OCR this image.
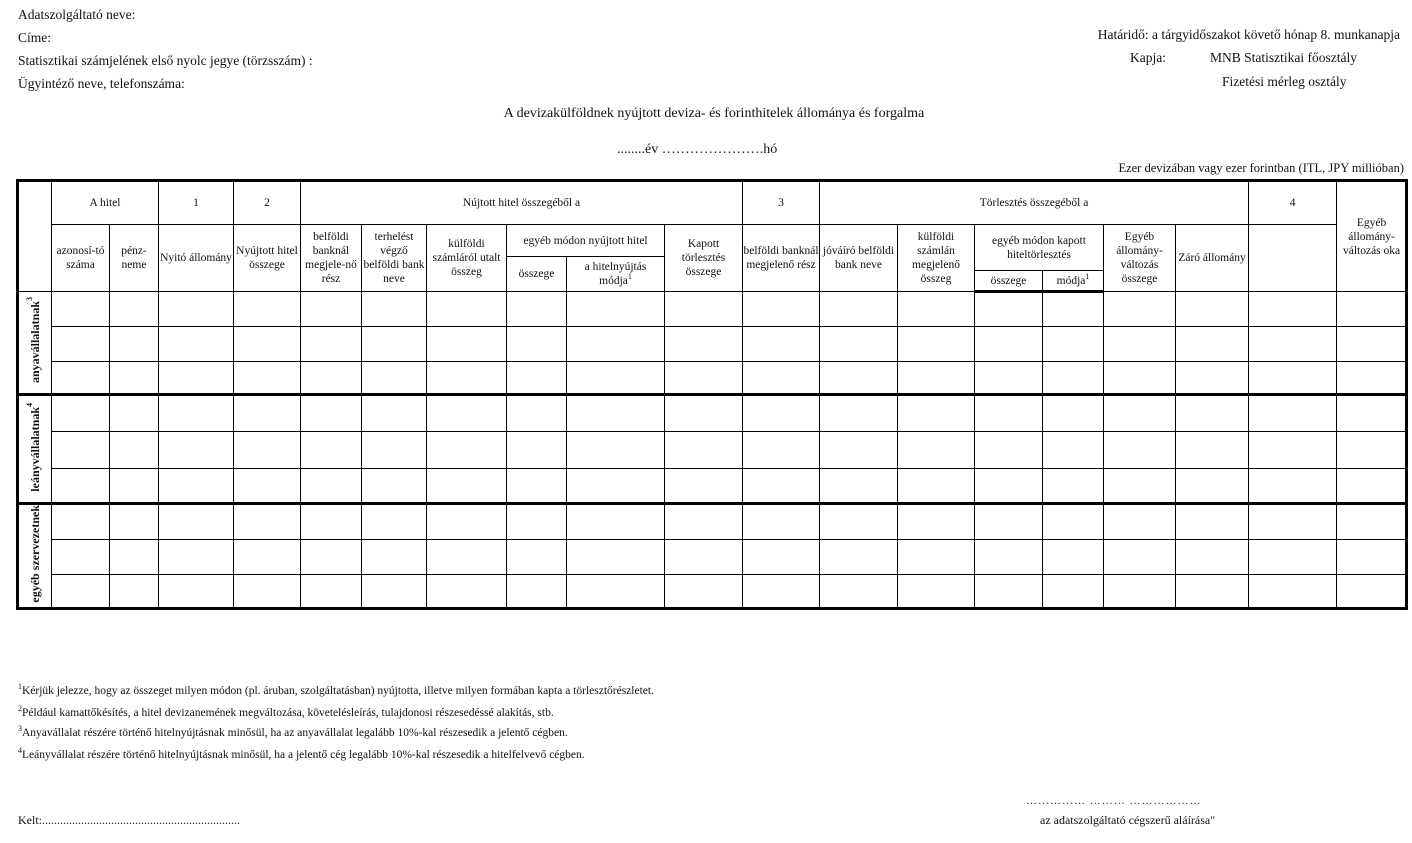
Adatszolgáltató neve:
Címe:
Statisztikai számjelének első nyolc jegye (törzsszám) :
Ügyintéző neve, telefonszáma:
Határidő: a tárgyidőszakot követő hónap 8. munkanapja
Kapja:	MNB Statisztikai főosztály
Fizetési mérleg osztály
A devizakülföldnek nyújtott deviza- és forinthitelek állománya és forgalma
........év ………………….hó
Ezer devizában vagy ezer forintban (ITL, JPY millióban)
	A hitel		1	2	Nújtott hitel összegéből a						3	Törlesztés összegéből a						4	Egyéb állomány-változás oka		
	azonosí-tó száma	pénz-neme	Nyitó állomány	Nyújtott hitel összege	belföldi banknál megjele-nő rész	terhelést végző belföldi bank neve	külföldi számláról utalt összeg	egyéb módon nyújtott hitel		Kapott törlesztés összege	belföldi banknál megjelenő rész	jóváíró belföldi bank neve	külföldi számlán megjelenő összeg	egyéb módon kapott hiteltörlesztés		Egyéb állomány-változás összege	Záró állomány			
								összege	a hitelnyújtás módja$^1$
														összege	módja$^1$
anyavállalatnak$^3$																			

leányvállalatnak$^4$																			

egyéb szervezetnek																				

$^1$Kérjük jelezze, hogy az összeget milyen módon (pl. áruban, szolgáltatásban) nyújtotta, illetve milyen formában kapta a törlesztőrészletet.
$^2$Például kamattőkésítés, a hitel devizanemének megváltozása, követelésleírás, tulajdonosi részesedéssé alakítás, stb.
$^3$Anyavállalat részére történő hitelnyújtásnak minősül, ha az anyavállalat legalább 10%-kal részesedik a jelentő cégben.
$^4$Leányvállalat részére történő hitelnyújtásnak minősül, ha a jelentő cég legalább 10%-kal részesedik a hitelfelvevő cégben.
Kelt:..................................................................
…………… ……… ………………
az adatszolgáltató cégszerű aláírása"
